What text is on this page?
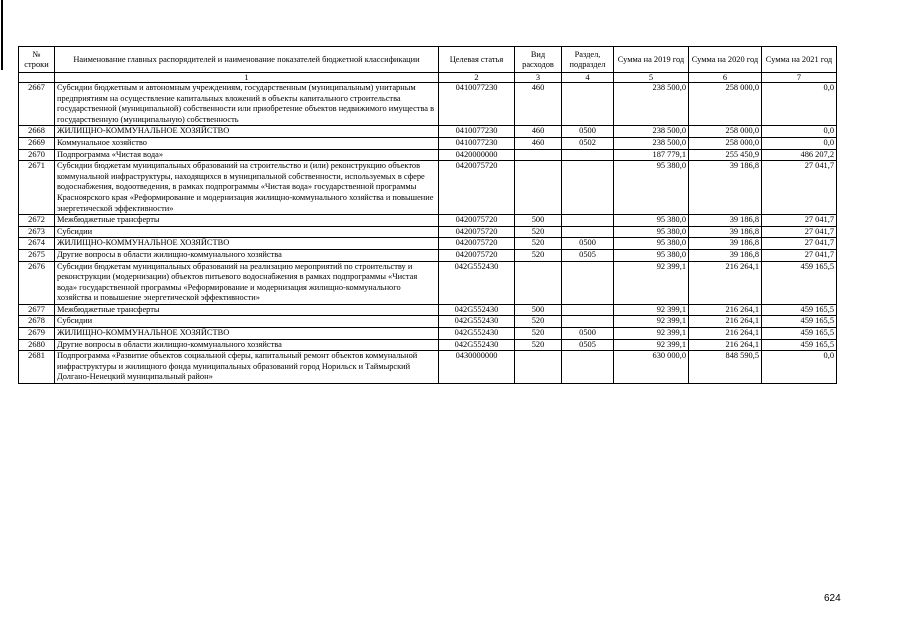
№ строки	Наименование главных распорядителей и наименование показателей бюджетной классификации	Целевая статья	Вид расходов	Раздел, подраздел	Сумма на 2019 год	Сумма на 2020 год	Сумма на 2021 год
	1	2	3	4	5	6	7
2667	Субсидии бюджетным и автономным учреждениям, государственным (муниципальным) унитарным предприятиям на осуществление капитальных вложений в объекты капитального строительства государственной (муниципальной) собственности или приобретение объектов недвижимого имущества в государственную (муниципальную) собственность	0410077230	460		238 500,0	258 000,0	0,0
2668	ЖИЛИЩНО-КОММУНАЛЬНОЕ ХОЗЯЙСТВО	0410077230	460	0500	238 500,0	258 000,0	0,0
2669	Коммунальное хозяйство	0410077230	460	0502	238 500,0	258 000,0	0,0
2670	Подпрограмма «Чистая вода»	0420000000			187 779,1	255 450,9	486 207,2
2671	Субсидии бюджетам муниципальных образований на строительство и (или) реконструкцию объектов коммунальной инфраструктуры, находящихся в муниципальной собственности, используемых в сфере водоснабжения, водоотведения, в рамках подпрограммы «Чистая вода» государственной программы Красноярского края «Реформирование и модернизация жилищно-коммунального хозяйства и повышение энергетической эффективности»	0420075720			95 380,0	39 186,8	27 041,7
2672	Межбюджетные трансферты	0420075720	500		95 380,0	39 186,8	27 041,7
2673	Субсидии	0420075720	520		95 380,0	39 186,8	27 041,7
2674	ЖИЛИЩНО-КОММУНАЛЬНОЕ ХОЗЯЙСТВО	0420075720	520	0500	95 380,0	39 186,8	27 041,7
2675	Другие вопросы в области жилищно-коммунального хозяйства	0420075720	520	0505	95 380,0	39 186,8	27 041,7
2676	Субсидии бюджетам муниципальных образований на реализацию мероприятий по строительству и реконструкции (модернизации) объектов питьевого водоснабжения в рамках подпрограммы «Чистая вода» государственной программы «Реформирование и модернизация жилищно-коммунального хозяйства и повышение энергетической эффективности»	042G552430			92 399,1	216 264,1	459 165,5
2677	Межбюджетные трансферты	042G552430	500		92 399,1	216 264,1	459 165,5
2678	Субсидии	042G552430	520		92 399,1	216 264,1	459 165,5
2679	ЖИЛИЩНО-КОММУНАЛЬНОЕ ХОЗЯЙСТВО	042G552430	520	0500	92 399,1	216 264,1	459 165,5
2680	Другие вопросы в области жилищно-коммунального хозяйства	042G552430	520	0505	92 399,1	216 264,1	459 165,5
2681	Подпрограмма «Развитие объектов социальной сферы, капитальный ремонт объектов коммунальной инфраструктуры и жилищного фонда муниципальных образований город Норильск и Таймырский Долгано-Ненецкий муниципальный район»	0430000000			630 000,0	848 590,5	0,0
624
